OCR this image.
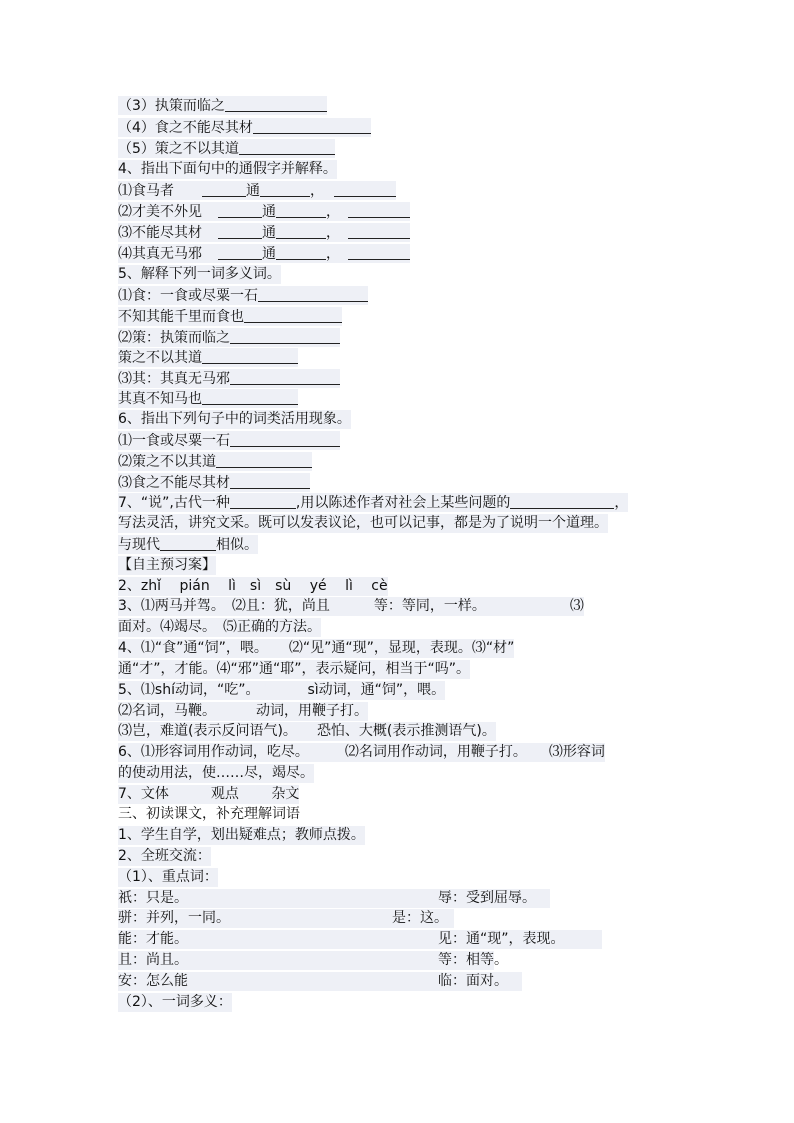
（3）执策而临之
（4）食之不能尽其材
（5）策之不以其道
4、指出下面句中的通假字并解释。
⑴食马者	通	，
⑵才美不外见	通	，
⑶不能尽其材	通	，
⑷其真无马邪	通	，
5、解释下列一词多义词。
⑴食：一食或尽粟一石
不知其能千里而食也
⑵策：执策而临之
策之不以其道
⑶其：其真无马邪
其真不知马也
6、指出下列句子中的词类活用现象。
⑴一食或尽粟一石
⑵策之不以其道
⑶食之不能尽其材
7、“说”,古代一种	,用以陈述作者对社会上某些问题的	，
写法灵活，讲究文采。既可以发表议论，也可以记事，都是为了说明一个道理。
与现代	相似。
【自主预习案】
2、zhǐ　 pián　 lì　sì　sù　 yé　 lì　 cè
3、⑴两马并驾。　⑵且：犹，尚且	等：等同，一样。	⑶
面对。⑷竭尽。　⑸正确的方法。
4、⑴“食”通“饲”，喂。　　⑵“见”通“现”，显现，表现。⑶“材”
通“才”，才能。⑷“邪”通“耶”，表示疑问，相当于“吗”。
5、⑴shí动词，“吃”。	sì动词，通“饲”，喂。
⑵名词，马鞭。	动词，用鞭子打。
⑶岂，难道(表示反问语气)。 恐怕、大概(表示推测语气)。
6、⑴形容词用作动词，吃尽。	⑵名词用作动词，用鞭子打。 ⑶形容词
的使动用法，使……尽，竭尽。
7、文体　　　观点　　 杂文
三、初读课文，补充理解词语
1、学生自学，划出疑难点；教师点拨。
2、全班交流：
（1）、重点词：
祇：只是。	辱：受到屈辱。
骈：并列，一同。	是：这。
能：才能。	见：通“现”，表现。
且：尚且。	等：相等。
安：怎么能	临：面对。
（2）、一词多义：
